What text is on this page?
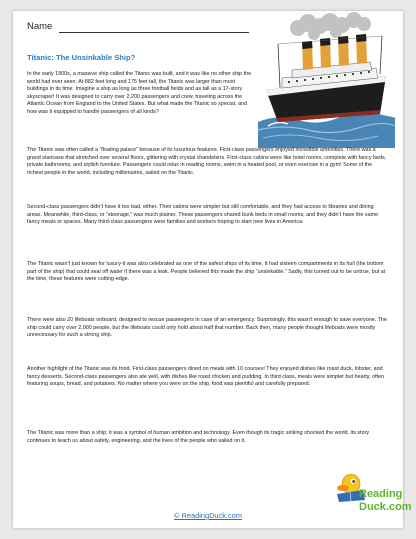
Name
Titanic: The Unsinkable Ship?

In the early 1900s, a massive ship called the Titanic was built, and it was like no other ship the world had ever seen. At 882 feet long and 175 feet tall, the Titanic was larger than most buildings in its time. Imagine a ship as long as three football fields and as tall as a 17-story skyscraper! It was designed to carry over 2,200 passengers and crew, traveling across the Atlantic Ocean from England to the United States. But what made the Titanic so special, and how was it equipped to handle passengers of all kinds?

The Titanic was often called a “floating palace” because of its luxurious features. First-class passengers enjoyed incredible amenities. There was a grand staircase that stretched over several floors, glittering with crystal chandeliers. First-class cabins were like hotel rooms, complete with fancy beds, private bathrooms, and stylish furniture. Passengers could relax in reading rooms, swim in a heated pool, or even exercise in a gym! Some of the richest people in the world, including millionaires, sailed on the Titanic.

Second-class passengers didn’t have it too bad, either. Their cabins were simpler but still comfortable, and they had access to libraries and dining areas. Meanwhile, third-class, or “steerage,” was much plainer. These passengers shared bunk beds in small rooms, and they didn’t have the same fancy meals or spaces. Many third-class passengers were families and workers hoping to start new lives in America.

The Titanic wasn’t just known for luxury-it was also celebrated as one of the safest ships of its time. It had sixteen compartments in its hull (the bottom part of the ship) that could seal off water if there was a leak. People believed this made the ship “unsinkable.” Sadly, this turned out to be untrue, but at the time, these features were cutting-edge.

There were also 20 lifeboats onboard, designed to rescue passengers in case of an emergency. Surprisingly, this wasn’t enough to save everyone. The ship could carry over 2,000 people, but the lifeboats could only hold about half that number. Back then, many people thought lifeboats were mostly unnecessary for such a strong ship.

Another highlight of the Titanic was its food. First-class passengers dined on meals with 10 courses! They enjoyed dishes like roast duck, lobster, and fancy desserts. Second-class passengers also ate well, with dishes like roast chicken and pudding. In third class, meals were simpler but hearty, often featuring soups, bread, and potatoes. No matter where you were on the ship, food was plentiful and carefully prepared.

The Titanic was more than a ship; it was a symbol of human ambition and technology. Even though its tragic sinking shocked the world, its story continues to teach us about safety, engineering, and the lives of the people who sailed on it.

Reading
Duck.com
© ReadingDuck.com
